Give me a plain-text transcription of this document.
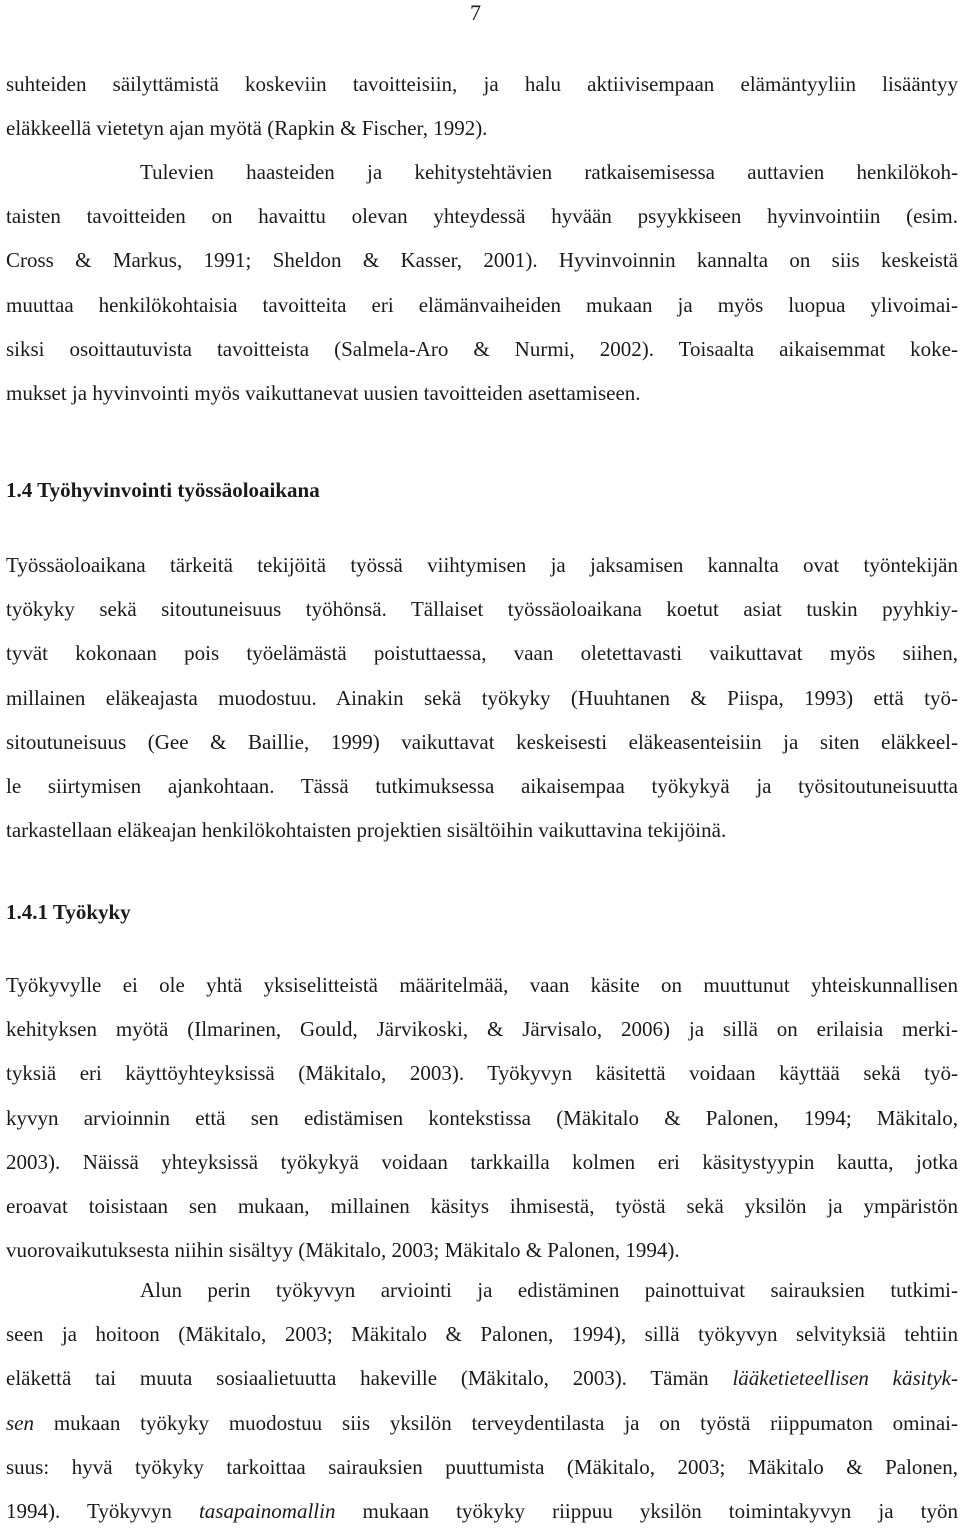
7
suhteiden säilyttämistä koskeviin tavoitteisiin, ja halu aktiivisempaan elämäntyyliin lisääntyy
eläkkeellä vietetyn ajan myötä (Rapkin & Fischer, 1992).
Tulevien haasteiden ja kehitystehtävien ratkaisemisessa auttavien henkilökoh-
taisten tavoitteiden on havaittu olevan yhteydessä hyvään psyykkiseen hyvinvointiin (esim.
Cross & Markus, 1991; Sheldon & Kasser, 2001). Hyvinvoinnin kannalta on siis keskeistä
muuttaa henkilökohtaisia tavoitteita eri elämänvaiheiden mukaan ja myös luopua ylivoimai-
siksi osoittautuvista tavoitteista (Salmela-Aro & Nurmi, 2002). Toisaalta aikaisemmat koke-
mukset ja hyvinvointi myös vaikuttanevat uusien tavoitteiden asettamiseen.
1.4 Työhyvinvointi työssäoloaikana
Työssäoloaikana tärkeitä tekijöitä työssä viihtymisen ja jaksamisen kannalta ovat työntekijän
työkyky sekä sitoutuneisuus työhönsä. Tällaiset työssäoloaikana koetut asiat tuskin pyyhkiy-
tyvät kokonaan pois työelämästä poistuttaessa, vaan oletettavasti vaikuttavat myös siihen,
millainen eläkeajasta muodostuu. Ainakin sekä työkyky (Huuhtanen & Piispa, 1993) että työ-
sitoutuneisuus (Gee & Baillie, 1999) vaikuttavat keskeisesti eläkeasenteisiin ja siten eläkkeel-
le siirtymisen ajankohtaan. Tässä tutkimuksessa aikaisempaa työkykyä ja työsitoutuneisuutta
tarkastellaan eläkeajan henkilökohtaisten projektien sisältöihin vaikuttavina tekijöinä.
1.4.1 Työkyky
Työkyvylle ei ole yhtä yksiselitteistä määritelmää, vaan käsite on muuttunut yhteiskunnallisen
kehityksen myötä (Ilmarinen, Gould, Järvikoski, & Järvisalo, 2006) ja sillä on erilaisia merki-
tyksiä eri käyttöyhteyksissä (Mäkitalo, 2003). Työkyvyn käsitettä voidaan käyttää sekä työ-
kyvyn arvioinnin että sen edistämisen kontekstissa (Mäkitalo & Palonen, 1994; Mäkitalo,
2003). Näissä yhteyksissä työkykyä voidaan tarkkailla kolmen eri käsitystyypin kautta, jotka
eroavat toisistaan sen mukaan, millainen käsitys ihmisestä, työstä sekä yksilön ja ympäristön
vuorovaikutuksesta niihin sisältyy (Mäkitalo, 2003; Mäkitalo & Palonen, 1994).
Alun perin työkyvyn arviointi ja edistäminen painottuivat sairauksien tutkimi-
seen ja hoitoon (Mäkitalo, 2003; Mäkitalo & Palonen, 1994), sillä työkyvyn selvityksiä tehtiin
eläkettä tai muuta sosiaalietuutta hakeville (Mäkitalo, 2003). Tämän lääketieteellisen käsityk-
sen mukaan työkyky muodostuu siis yksilön terveydentilasta ja on työstä riippumaton ominai-
suus: hyvä työkyky tarkoittaa sairauksien puuttumista (Mäkitalo, 2003; Mäkitalo & Palonen,
1994). Työkyvyn tasapainomallin mukaan työkyky riippuu yksilön toimintakyvyn ja työn
